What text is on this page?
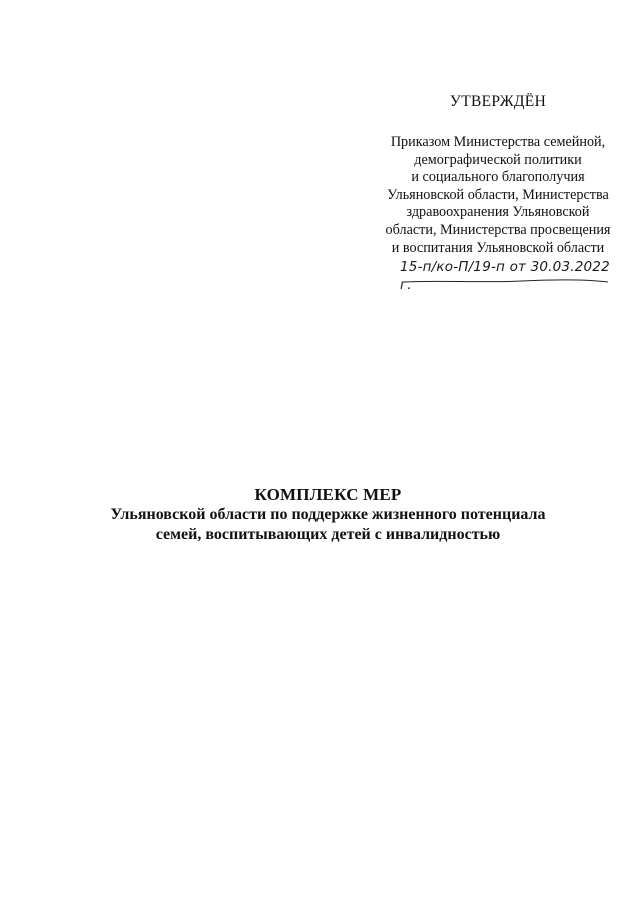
УТВЕРЖДЁН
Приказом Министерства семейной,
демографической политики
и социального благополучия
Ульяновской области, Министерства
здравоохранения Ульяновской
области, Министерства просвещения
и воспитания Ульяновской области
15-п/ко-П/19-п от 30.03.2022 г.
КОМПЛЕКС МЕР
Ульяновской области по поддержке жизненного потенциала
семей, воспитывающих детей с инвалидностью
